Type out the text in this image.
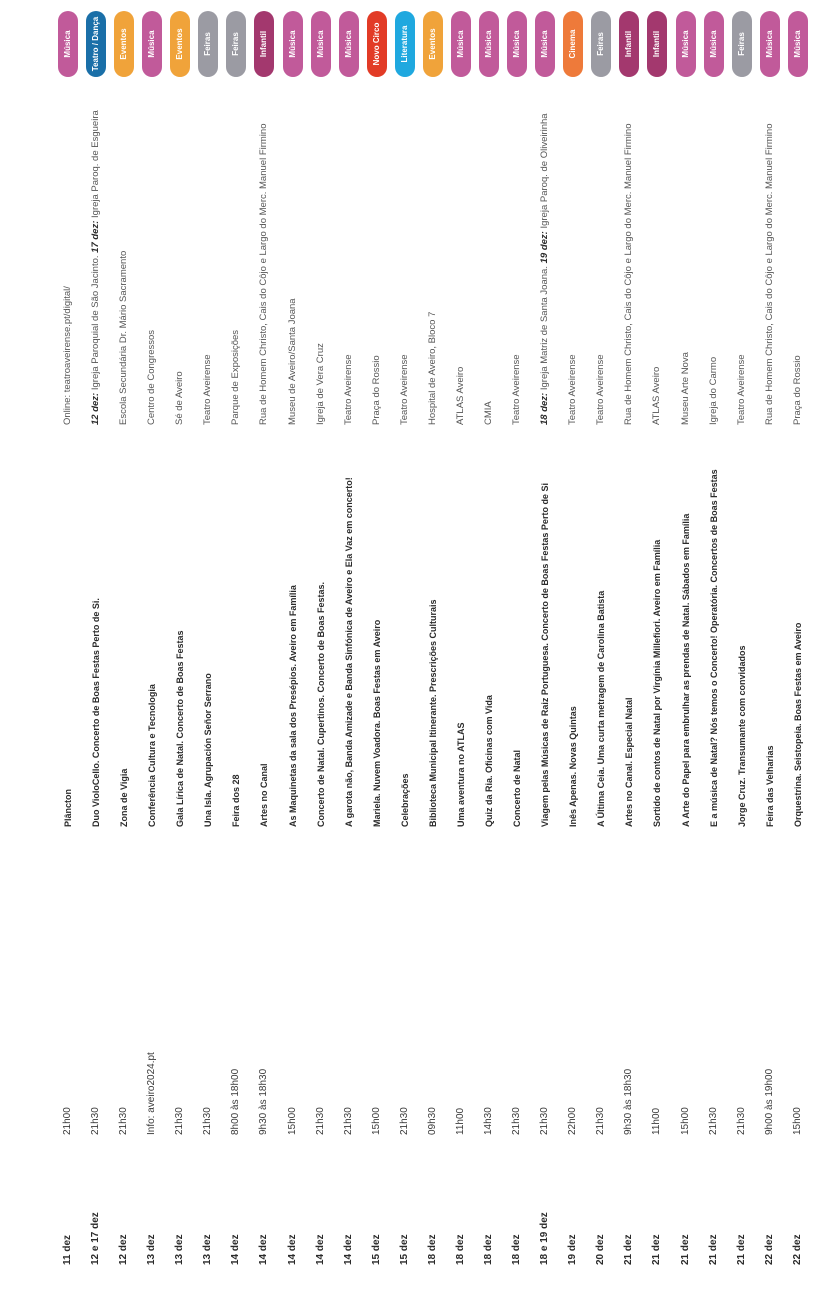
11 dez
21h00
Plâncton
Online: teatroaveirense.pt/digital/
Música
12 e 17 dez
21h30
Duo VioloCello. Concerto de Boas Festas Perto de Si.
12 dez: Igreja Paroquial de São Jacinto. 17 dez: Igreja Paroq. de Esgueira
Teatro / Dança
12 dez
21h30
Zona de Vigia
Escola Secundária Dr. Mário Sacramento
Eventos
13 dez
Info: aveiro2024.pt
Conferência Cultura e Tecnologia
Centro de Congressos
Música
13 dez
21h30
Gala Lírica de Natal. Concerto de Boas Festas
Sé de Aveiro
Eventos
13 dez
21h30
Una Isla. Agrupación Señor Serrano
Teatro Aveirense
Feiras
14 dez
8h00 às 18h00
Feira dos 28
Parque de Exposições
Feiras
14 dez
9h30 às 18h30
Artes no Canal
Rua de Homem Christo, Cais do Côjo e Largo do Merc. Manuel Firmino
Infantil
14 dez
15h00
As Maquinetas da sala dos Presépios. Aveiro em Família
Museu de Aveiro/Santa Joana
Música
14 dez
21h30
Concerto de Natal. Cupertinos. Concerto de Boas Festas.
Igreja de Vera Cruz
Música
14 dez
21h30
A garota não, Banda Amizade e Banda Sinfónica de Aveiro e Ela Vaz em concerto!
Teatro Aveirense
Música
15 dez
15h00
Mariela. Nuvem Voadora. Boas Festas em Aveiro
Praça do Rossio
Novo Circo
15 dez
21h30
Celebrações
Teatro Aveirense
Literatura
18 dez
09h30
Biblioteca Municipal Itinerante. Prescrições Culturais
Hospital de Aveiro, Bloco 7
Eventos
18 dez
11h00
Uma aventura no ATLAS
ATLAS Aveiro
Música
18 dez
14h30
Quiz da Ria. Oficinas com Vida
CMIA
Música
18 dez
21h30
Concerto de Natal
Teatro Aveirense
Música
18 e 19 dez
21h30
Viagem pelas Músicas de Raiz Portuguesa. Concerto de Boas Festas Perto de Si
18 dez: Igreja Matriz de Santa Joana. 19 dez: Igreja Paroq. de Oliveirinha
Música
19 dez
22h00
Inês Apenas. Novas Quintas
Teatro Aveirense
Cinema
20 dez
21h30
A Última Ceia. Uma curta metragem de Carolina Batista
Teatro Aveirense
Feiras
21 dez
9h30 às 18h30
Artes no Canal. Especial Natal
Rua de Homem Christo, Cais do Côjo e Largo do Merc. Manuel Firmino
Infantil
21 dez
11h00
Sortido de contos de Natal por Virgínia Millefiori. Aveiro em Família
ATLAS Aveiro
Infantil
21 dez
15h00
A Arte do Papel para embrulhar as prendas de Natal. Sábados em Família
Museu Arte Nova
Música
21 dez
21h30
E a música de Natal? Nós temos o Concerto! Operatória. Concertos de Boas Festas
Igreja do Carmo
Música
21 dez
21h30
Jorge Cruz. Transumante com convidados
Teatro Aveirense
Feiras
22 dez
9h00 às 19h00
Feira das Velharias
Rua de Homem Christo, Cais do Côjo e Largo do Merc. Manuel Firmino
Música
22 dez
15h00
Orquestrina. Seistopeia. Boas Festas em Aveiro
Praça do Rossio
Música
